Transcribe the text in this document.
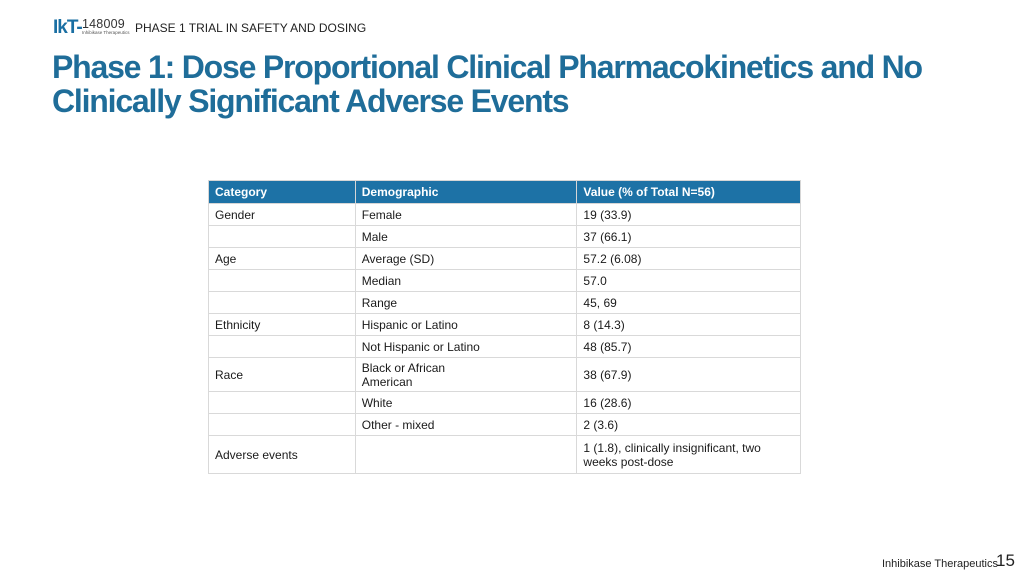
IkT- 148009
Inhibikase Therapeutics PHASE 1 TRIAL IN SAFETY AND DOSING
Phase 1: Dose Proportional Clinical Pharmacokinetics and No
Clinically Significant Adverse Events
Category	Demographic	Value (% of Total N=56)
Gender	Female	19 (33.9)
	Male	37 (66.1)
Age	Average (SD)	57.2 (6.08)
	Median	57.0
	Range	45, 69
Ethnicity	Hispanic or Latino	8 (14.3)
	Not Hispanic or Latino	48 (85.7)
Race	Black or African American	38 (67.9)
	White	16 (28.6)
	Other - mixed	2 (3.6)
Adverse events		1 (1.8), clinically insignificant, two weeks post-dose
Inhibikase Therapeutics
15
